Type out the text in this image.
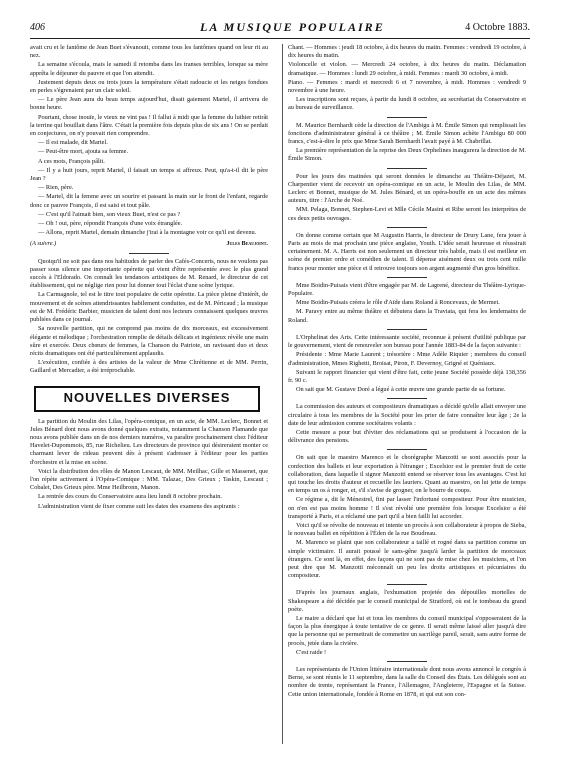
406	LA MUSIQUE POPULAIRE	4 Octobre 1883.

avait cru et le fantôme de Jean Buet s'évanouit, comme tous les fantômes quand on leur rit au nez.

La semaine s'écoula, mais le samedi il retomba dans les transes terribles, lorsque sa mère apprêta le déjeuner du pauvre et que l'on attendit.

Justement depuis deux ou trois jours la température s'était radoucie et les neiges fondues en perles s'égrenaient par un clair soleil.

— Le père Jean aura du beau temps aujourd'hui, disait gaiement Martel, il arrivera de bonne heure.

Pourtant, chose inouïe, le vieux ne vint pas ! Il fallut à midi que la femme du luthier retirât la terrine qui bouillait dans l'âtre. C'était la première fois depuis plus de six ans ! On se perdait en conjectures, on n'y pouvait rien comprendre.

— Il est malade, dit Martel.

— Peut-être mort, ajouta sa femme.

A ces mots, François pâlit.

— Il y a huit jours, reprit Martel, il faisait un temps si affreux. Peut, qu'a-t-il dit le père Jean ?

— Rien, père.

— Martel, dit la femme avec un sourire et passant la main sur le front de l'enfant, regarde donc ce pauvre François, il est saisi et tout pâle.

— C'est qu'il l'aimait bien, son vieux Buet, n'est ce pas ?

— Oh ! oui, père, répondit François d'une voix étranglée.

— Allons, reprit Martel, demain dimanche j'irai à la montagne voir ce qu'il est devenu.

(A suivre.)	Jules Beaujoint.

Quoiqu'il ne soit pas dans nos habitudes de parler des Cafés-Concerts, nous ne voulons pas passer sous silence une importante opérette qui vient d'être représentée avec le plus grand succès à l'Eldorado. On connaît les tendances artistiques de M. Renard, le directeur de cet établissement, qui ne néglige rien pour lui donner tout l'éclat d'une scène lyrique.

La Carmagnole, tel est le titre tout populaire de cette opérette. La pièce pleine d'intérêt, de mouvement et de scènes attendrissantes habilement conduites, est de M. Péricaud ; la musique est de M. Frédéric Barbier, musicien de talent dont nos lecteurs connaissent quelques œuvres publiées dans ce journal.

Sa nouvelle partition, qui ne comprend pas moins de dix morceaux, est excessivement élégante et mélodique ; l'orchestration remplie de détails délicats et ingénieux révèle une main sûre et exercée. Deux chœurs de femmes, la Chanson du Patriote, un ravissant duo et deux récits dramatiques ont été particulièrement applaudis.

L'exécution, confiée à des artistes de la valeur de Mme Chrétienne et de MM. Perrin, Gaillard et Mercadier, a été irréprochable.

NOUVELLES DIVERSES

La partition du Moulin des Lilas, l'opéra-comique, en un acte, de MM. Leclerc, Bonnet et Jules Bénard dont nous avons donné quelques extraits, notamment la Chanson Flamande que nous avons publiée dans un de nos derniers numéros, va paraître prochainement chez l'éditeur Havelet-Dupommois, 85, rue Richelieu. Les directeurs de province qui désireraient monter ce charmant lever de rideau peuvent dès à présent s'adresser à l'éditeur pour les parties d'orchestre et la mise en scène.

Voici la distribution des rôles de Manon Lescaut, de MM. Meilhac, Gille et Massenet, que l'on répète activement à l'Opéra-Comique : MM. Talazac, Des Grieux ; Taskin, Lescaut ; Cobalet, Des Grieux père. Mme Heilbronn, Manon.

La rentrée des cours du Conservatoire aura lieu lundi 8 octobre prochain.

L'administration vient de fixer comme suit les dates des examens des aspirants :

Chant. — Hommes : jeudi 18 octobre, à dix heures du matin. Femmes : vendredi 19 octobre, à dix heures du matin.

Violoncelle et violon. — Mercredi 24 octobre, à dix heures du matin. Déclamation dramatique. — Hommes : lundi 29 octobre, à midi. Femmes : mardi 30 octobre, à midi.

Piano. — Femmes : mardi et mercredi 6 et 7 novembre, à midi. Hommes : vendredi 9 novembre à une heure.

Les inscriptions sont reçues, à partir du lundi 8 octobre, au secrétariat du Conservatoire et au bureau de surveillance.

M. Maurice Bernhardt cède la direction de l'Ambigu à M. Émile Simon qui remplissait les fonctions d'administrateur général à ce théâtre ; M. Émile Simon achète l'Ambigu 80 000 francs, c'est-à-dire le prix que Mme Sarah Bernhardt l'avait payé à M. Chabrillat.

La première représentation de la reprise des Deux Orphelines inaugurera la direction de M. Émile Simon.

Pour les jours des matinées qui seront données le dimanche au Théâtre-Déjazet, M. Charpentier vient de recevoir un opéra-comique en un acte, le Moulin des Lilas, de MM. Leclerc et Bonnet, musique de M. Jules Bénard, et un opéra-bouffe en un acte des mêmes auteurs, titre : l'Arche de Noé.

MM. Pelaga, Bonnet, Stephen-Levi et Mlle Cécile Masini et Ribe seront les interprètes de ces deux petits ouvrages.

On donne comme certain que M Augustin Harris, le directeur de Drury Lane, fera jouer à Paris au mois de mai prochain une pièce anglaise, Youth. L'idée serait heureuse et réussirait certainement. M. A. Harris est non seulement un directeur très habile, mais il est meilleur en scène de premier ordre et comédien de talent. Il dépense aisément deux ou trois cent mille francs pour monter une pièce et il retrouve toujours son argent augmenté d'un gros bénéfice.

Mme Boidin-Puisais vient d'être engagée par M. de Lagrené, directeur du Théâtre-Lyrique-Populaire.

Mme Boidin-Puisais créera le rôle d'Aïde dans Roland à Roncevaux, de Mermet.

M. Paravy entre au même théâtre et débutera dans la Traviata, qui fera les lendemains de Roland.

L'Orphelinat des Arts. Cette intéressante société, reconnue à présent d'utilité publique par le gouvernement, vient de renouveler son bureau pour l'année 1883-84 de la façon suivante :

Présidente : Mme Marie Laurent ; trésorière : Mme Adèle Riquier ; membres du conseil d'administration, Mmes Righetti, Broisat, Piron, F. Devernoy, Grigné et Quéniaux.

Suivant le rapport financier qui vient d'être fait, cette jeune Société possède déjà 138,356 fr. 90 c.

On sait que M. Gustave Doré a légué à cette œuvre une grande partie de sa fortune.

La commission des auteurs et compositeurs dramatiques a décidé qu'elle allait envoyer une circulaire à tous les membres de la Société pour les prier de faire connaître leur âge ; 2e la date de leur admission comme sociétaires volants :

Cette mesure a pour but d'éviter des réclamations qui se produisent à l'occasion de la délivrance des pensions.

On sait que le maestro Marenco et le chorégraphe Manzotti se sont associés pour la confection des ballets et leur exportation à l'étranger ; Excelsior est le premier fruit de cette collaboration, dans laquelle il signor Manzotti entend se réserver tous les avantages. C'est lui qui touche les droits d'auteur et recueille les lauriers. Quant au maestro, on lui jette de temps en temps un os à ronger, et, s'il s'avise de grogner, on le bourre de coups.

Ce régime a, dit le Ménestrel, fini par lasser l'infortuné compositeur. Pour être musicien, on n'en est pas moins homme ! Il s'est révolté une première fois lorsque Excelsior a été transporté à Paris, et a réclamé une part qu'il a bien failli lui accorder.

Voici qu'il se révolte de nouveau et intente un procès à son collaborateur à propos de Sieba, le nouveau ballet en répétition à l'Éden de la rue Boudreau.

M. Marenco se plaint que son collaborateur a taillé et rogné dans sa partition comme un simple victimaire. Il aurait poussé le sans-gêne jusqu'à larder la partition de morceaux étrangers. Ce sont là, en effet, des façons qui ne sont pas de mise chez les musiciens, et l'on peut dire que M. Manzotti méconnaît un peu les droits artistiques et pécuniaires du compositeur.

D'après les journaux anglais, l'exhumation projetée des dépouilles mortelles de Shakespeare a été décidée par le conseil municipal de Stratford, où est le tombeau du grand poète.

Le maire a déclaré que lui et tous les membres du conseil municipal s'opposeraient de la façon la plus énergique à toute tentative de ce genre. Il serait même laissé aller jusqu'à dire que la personne qui se permettrait de commettre un sacrilège pareil, serait, sans autre forme de procès, jetée dans la rivière.

C'est raide !

Les représentants de l'Union littéraire internationale dont nous avons annoncé le congrès à Berne, se sont réunis le 11 septembre, dans la salle du Conseil des États. Les délégués sont au nombre de trente, représentant la France, l'Allemagne, l'Angleterre, l'Espagne et la Suisse. Cette union internationale, fondée à Rome en 1878, et qui eut son con-
